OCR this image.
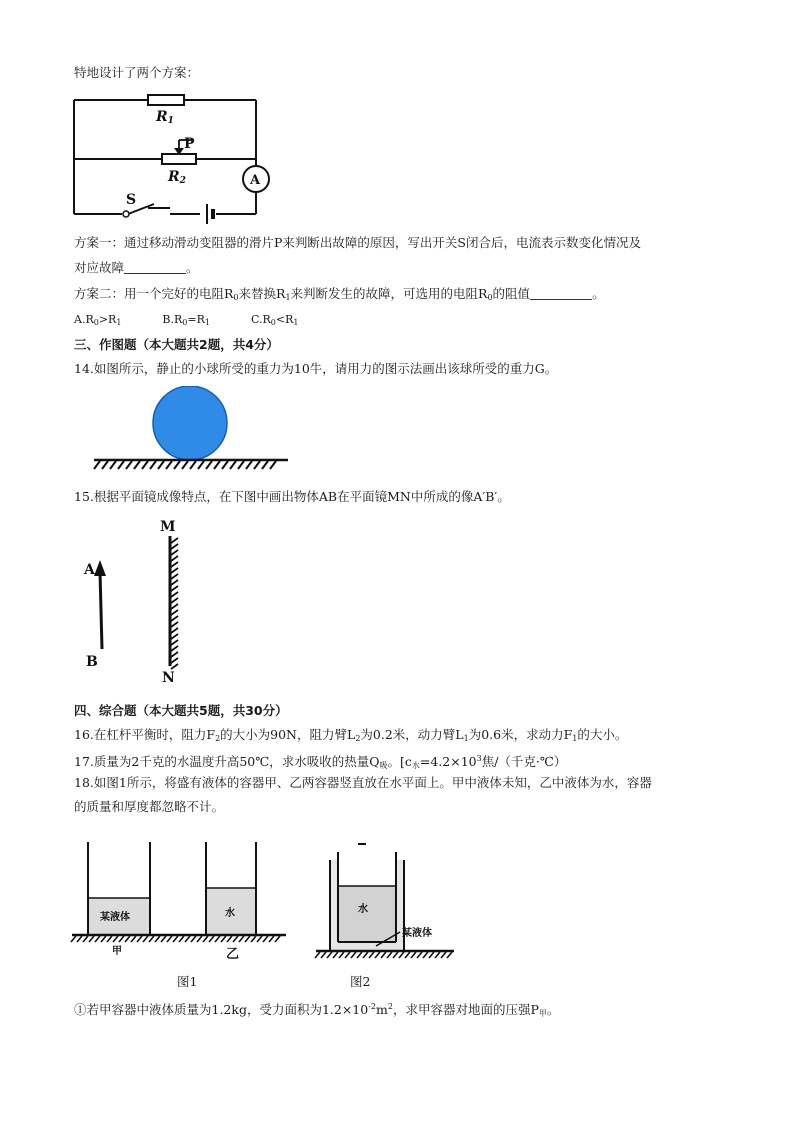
特地设计了两个方案：
A
R1
R2
P
S
方案一：通过移动滑动变阻器的滑片P来判断出故障的原因，写出开关S闭合后，电流表示数变化情况及
对应故障	。
方案二：用一个完好的电阻$R_0$来替换$R_1$来判断发生的故障，可选用的电阻$R_0$的阻值	。
$A.R_0>R_1$	$B.R_0=R_1$	$C.R_0<R_1$
三、作图题（本大题共2题，共4分）
14.如图所示，静止的小球所受的重力为10牛，请用力的图示法画出该球所受的重力G。
15.根据平面镜成像特点，在下图中画出物体AB在平面镜MN中所成的像A′B′。
A
B
M
N
四、综合题（本大题共5题，共30分）
16.在杠杆平衡时，阻力$F_2$的大小为90N，阻力臂$L_2$为0.2米，动力臂$L_1$为0.6米，求动力$F_1$的大小。
17.质量为2千克的水温度升高50℃，求水吸收的热量$Q_吸$。[$c_水=4.2\times 10^3$焦/（千克·℃）
18.如图1所示，将盛有液体的容器甲、乙两容器竖直放在水平面上。甲中液体未知，乙中液体为水，容器
的质量和厚度都忽略不计。
某液体	水
甲	乙
水
某液体
图1	图2
①若甲容器中液体质量为1.2kg，受力面积为$1.2\times 10^{-2}m^2$，求甲容器对地面的压强$P_甲$。
